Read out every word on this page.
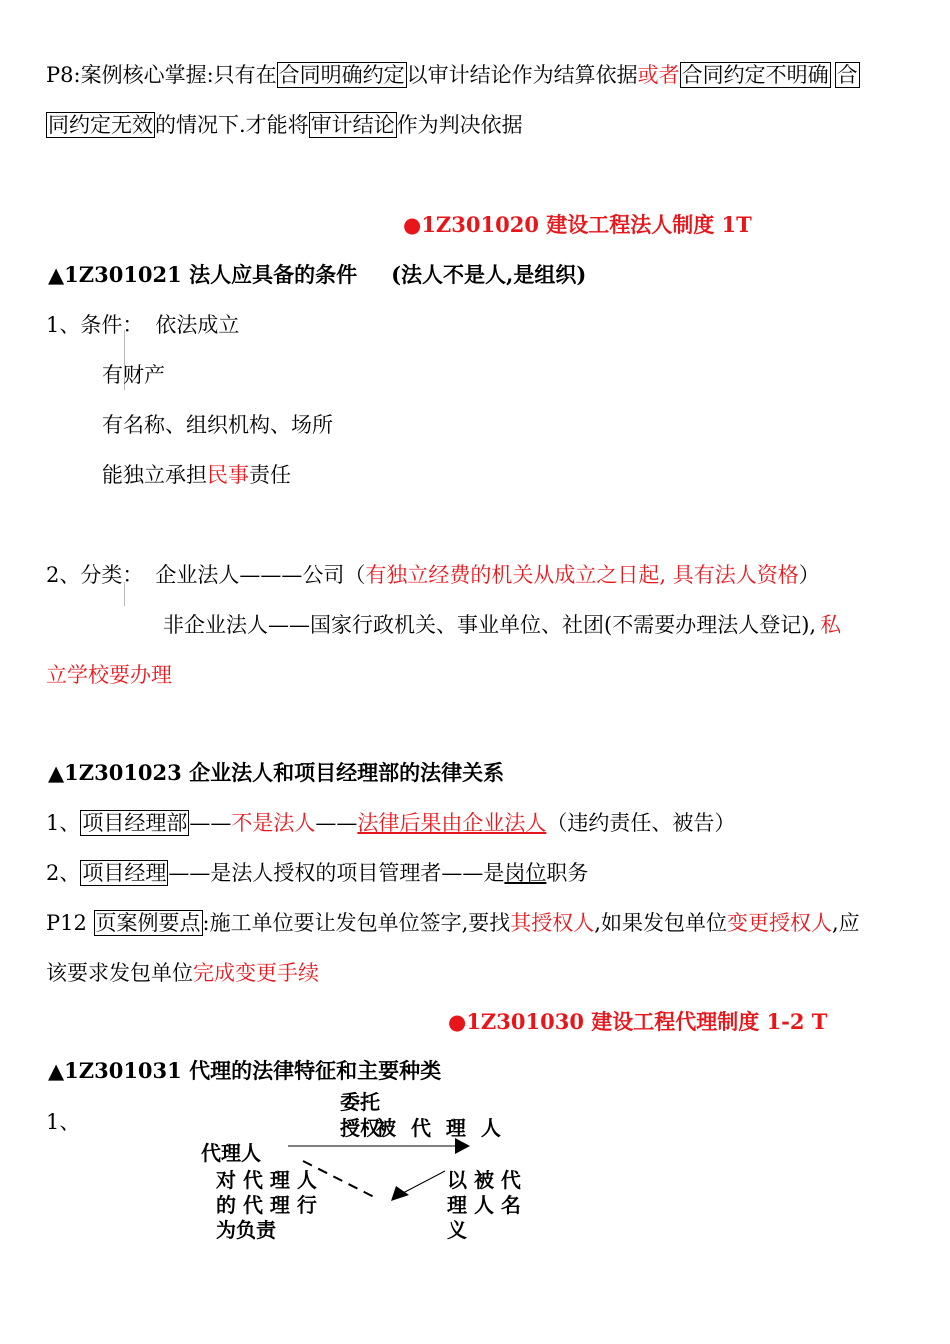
P8:案例核心掌握:只有在合同明确约定以审计结论作为结算依据或者合同约定不明确 合
同约定无效的情况下.才能将审计结论作为判决依据
●1Z301020 建设工程法人制度 1T
▲1Z301021 法人应具备的条件 (法人不是人,是组织)
1、条件： 依法成立
有财产
有名称、组织机构、场所
能独立承担民事责任
2、分类： 企业法人———公司（有独立经费的机关从成立之日起, 具有法人资格）
非企业法人——国家行政机关、事业单位、社团(不需要办理法人登记), 私
立学校要办理
▲1Z301023 企业法人和项目经理部的法律关系
1、项目经理部——不是法人——法律后果由企业法人（违约责任、被告）
2、项目经理——是法人授权的项目管理者——是岗位职务
P12 页案例要点:施工单位要让发包单位签字,要找其授权人,如果发包单位变更授权人,应
该要求发包单位完成变更手续
●1Z301030 建设工程代理制度 1-2 T
▲1Z301031 代理的法律特征和主要种类
1、
委托
授权
被 代 理 人
代理人
对 代 理 人
的 代 理 行
为负责
以 被 代
理 人 名
义
